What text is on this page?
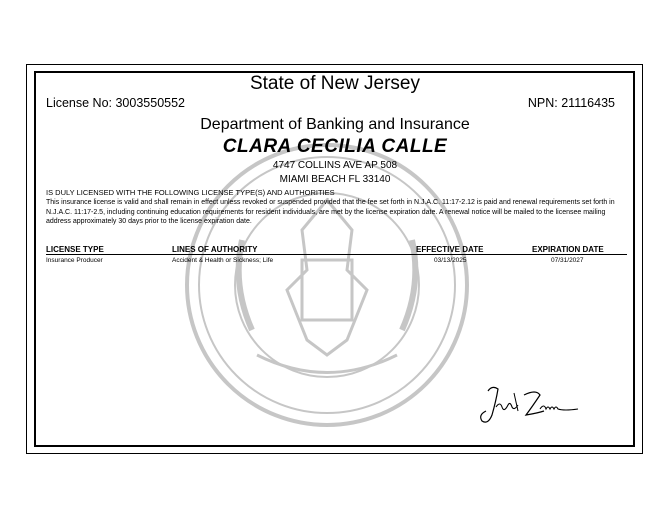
State of New Jersey
License No: 3003550552	NPN: 21116435
Department of Banking and Insurance
CLARA CECILIA CALLE
4747 COLLINS AVE AP 508
MIAMI BEACH FL 33140
IS DULY LICENSED WITH THE FOLLOWING LICENSE TYPE(S) AND AUTHORITIES
This insurance license is valid and shall remain in effect unless revoked or suspended provided that the fee set forth in N.J.A.C. 11:17-2.12 is paid and renewal requirements set forth in N.J.A.C. 11:17-2.5, including continuing education requirements for resident individuals, are met by the license expiration date. A renewal notice will be mailed to the licensee mailing address approximately 30 days prior to the license expiration date.
LICENSE TYPE	LINES OF AUTHORITY	EFFECTIVE DATE	EXPIRATION DATE
Insurance Producer	Accident & Health or Sickness; Life	03/13/2025	07/31/2027
